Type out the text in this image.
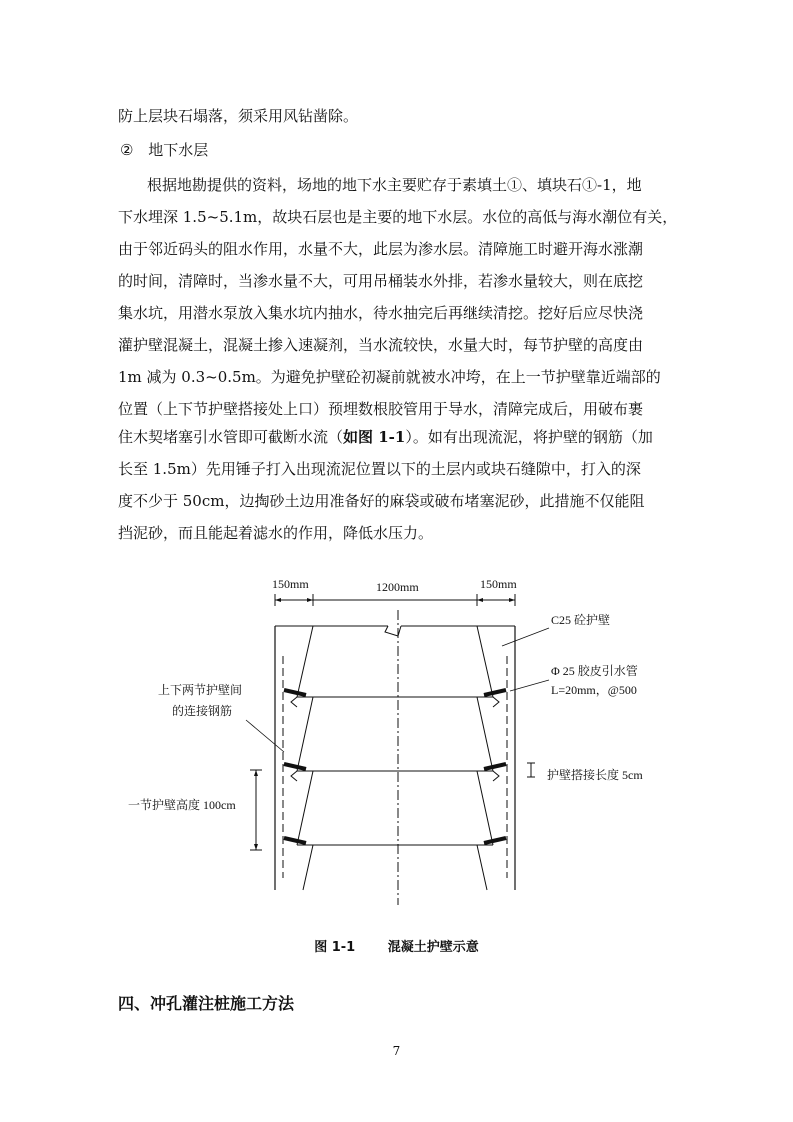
防上层块石塌落，须采用风钻凿除。
② 地下水层
根据地勘提供的资料，场地的地下水主要贮存于素填土①、填块石①-1，地
下水埋深 1.5~5.1m，故块石层也是主要的地下水层。水位的高低与海水潮位有关，
由于邻近码头的阻水作用，水量不大，此层为渗水层。清障施工时避开海水涨潮
的时间，清障时，当渗水量不大，可用吊桶装水外排，若渗水量较大，则在底挖
集水坑，用潜水泵放入集水坑内抽水，待水抽完后再继续清挖。挖好后应尽快浇
灌护壁混凝土，混凝土掺入速凝剂，当水流较快，水量大时，每节护壁的高度由
1m 减为 0.3~0.5m。为避免护壁砼初凝前就被水冲垮，在上一节护壁靠近端部的
位置（上下节护壁搭接处上口）预埋数根胶管用于导水，清障完成后，用破布裹
住木契堵塞引水管即可截断水流（如图 1-1）。如有出现流泥，将护壁的钢筋（加
长至 1.5m）先用锤子打入出现流泥位置以下的土层内或块石缝隙中，打入的深
度不少于 50cm，边掏砂土边用准备好的麻袋或破布堵塞泥砂，此措施不仅能阻
挡泥砂，而且能起着滤水的作用，降低水压力。
150mm	1200mm	150mm
C25 砼护壁
Φ 25 胶皮引水管
L=20mm，@500
护壁搭接长度 5cm
上下两节护壁间
的连接钢筋
一节护壁高度 100cm
图 1-1	混凝土护壁示意
四、冲孔灌注桩施工方法
7
